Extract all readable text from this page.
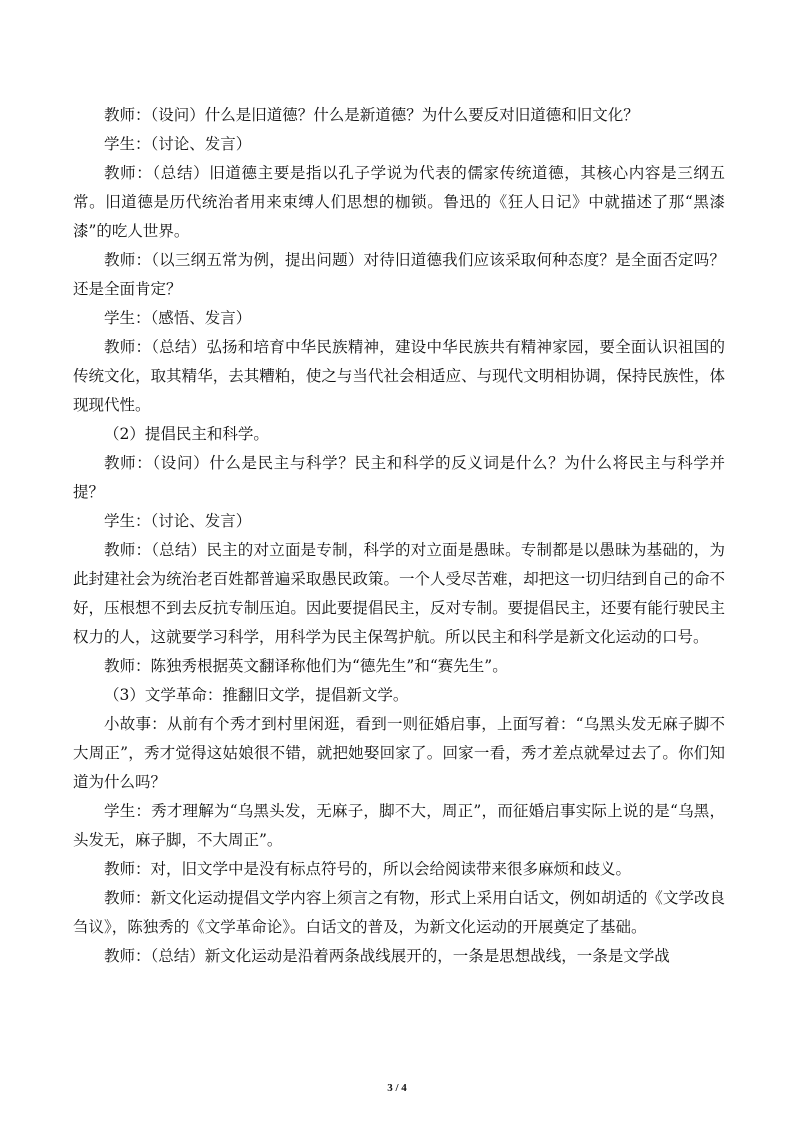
教师：（设问）什么是旧道德？什么是新道德？为什么要反对旧道德和旧文化？

学生：（讨论、发言）

教师：（总结）旧道德主要是指以孔子学说为代表的儒家传统道德，其核心内容是三纲五常。旧道德是历代统治者用来束缚人们思想的枷锁。鲁迅的《狂人日记》中就描述了那“黑漆漆”的吃人世界。

教师：（以三纲五常为例，提出问题）对待旧道德我们应该采取何种态度？是全面否定吗？还是全面肯定？

学生：（感悟、发言）

教师：（总结）弘扬和培育中华民族精神，建设中华民族共有精神家园，要全面认识祖国的传统文化，取其精华，去其糟粕，使之与当代社会相适应、与现代文明相协调，保持民族性，体现现代性。

（2）提倡民主和科学。

教师：（设问）什么是民主与科学？民主和科学的反义词是什么？为什么将民主与科学并提？

学生：（讨论、发言）

教师：（总结）民主的对立面是专制，科学的对立面是愚昧。专制都是以愚昧为基础的，为此封建社会为统治老百姓都普遍采取愚民政策。一个人受尽苦难，却把这一切归结到自己的命不好，压根想不到去反抗专制压迫。因此要提倡民主，反对专制。要提倡民主，还要有能行驶民主权力的人，这就要学习科学，用科学为民主保驾护航。所以民主和科学是新文化运动的口号。

教师：陈独秀根据英文翻译称他们为“德先生”和“赛先生”。

（3）文学革命：推翻旧文学，提倡新文学。

小故事：从前有个秀才到村里闲逛，看到一则征婚启事，上面写着：“乌黑头发无麻子脚不大周正”，秀才觉得这姑娘很不错，就把她娶回家了。回家一看，秀才差点就晕过去了。你们知道为什么吗？

学生：秀才理解为“乌黑头发，无麻子，脚不大，周正”，而征婚启事实际上说的是“乌黑，头发无，麻子脚，不大周正”。

教师：对，旧文学中是没有标点符号的，所以会给阅读带来很多麻烦和歧义。

教师：新文化运动提倡文学内容上须言之有物，形式上采用白话文，例如胡适的《文学改良刍议》，陈独秀的《文学革命论》。白话文的普及，为新文化运动的开展奠定了基础。

教师：（总结）新文化运动是沿着两条战线展开的，一条是思想战线，一条是文学战

3 / 4
